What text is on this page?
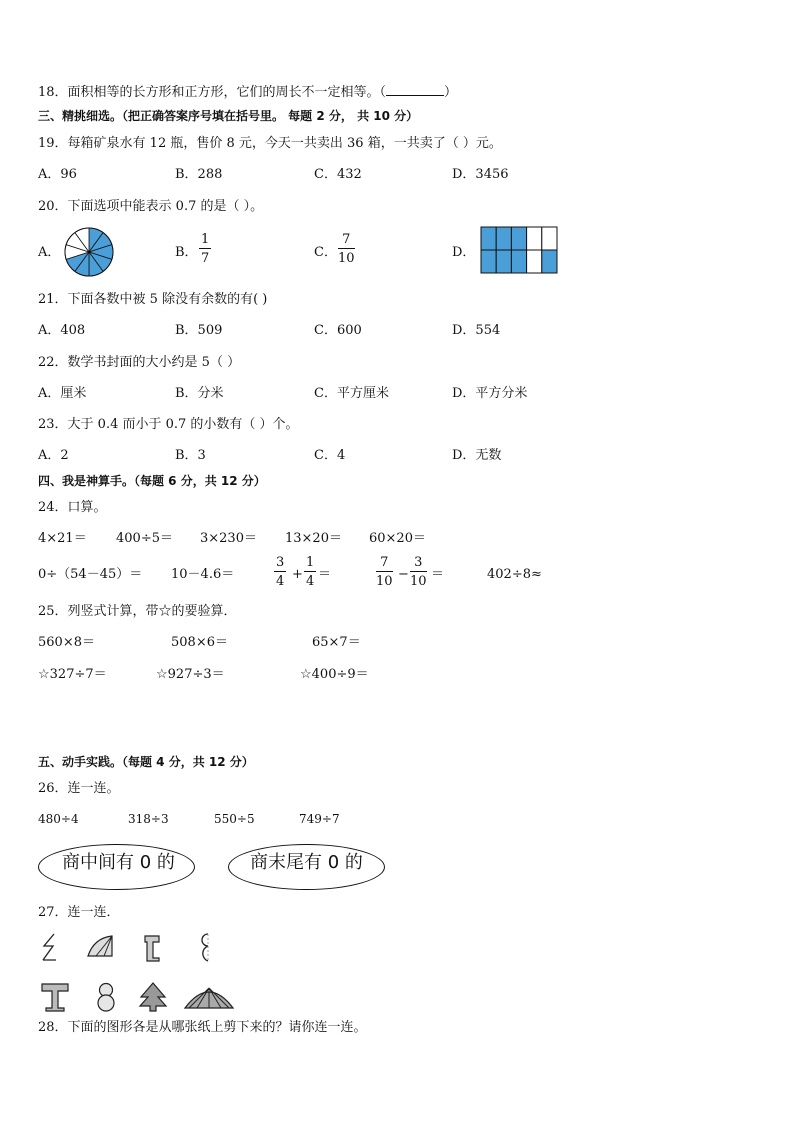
18．面积相等的长方形和正方形，它们的周长不一定相等。（	）
三、精挑细选。（把正确答案序号填在括号里。 每题 2 分， 共 10 分）
19．每箱矿泉水有 12 瓶，售价 8 元，今天一共卖出 36 箱，一共卖了（ ）元。
A．96	B．288	C．432	D．3456
20．下面选项中能表示 0.7 的是（ ）。
A．	B． $\frac{1}{7}$	C． $\frac{7}{10}$	D．
21．下面各数中被 5 除没有余数的有( )
A．408	B．509	C．600	D．554
22．数学书封面的大小约是 5（ ）
A．厘米	B．分米	C．平方厘米	D．平方分米
23．大于 0.4 而小于 0.7 的小数有（ ）个。
A．2	B．3	C．4	D．无数
四、我是神算手。（每题 6 分，共 12 分）
24．口算。
4×21＝ 400÷5＝ 3×230＝ 13×20＝ 60×20＝
0÷（54－45）＝ 10－4.6＝	$\frac{3}{4} + \frac{1}{4}$ ＝	$\frac{7}{10} - \frac{3}{10}$ ＝	402÷8≈
25．列竖式计算，带☆的要验算．
560×8＝	508×6＝	65×7＝
☆327÷7＝	☆927÷3＝	☆400÷9＝
五、动手实践。（每题 4 分，共 12 分）
26．连一连。
480÷4	318÷3	550÷5	749÷7
商中间有 0 的	商末尾有 0 的
27．连一连．
28．下面的图形各是从哪张纸上剪下来的？请你连一连。
